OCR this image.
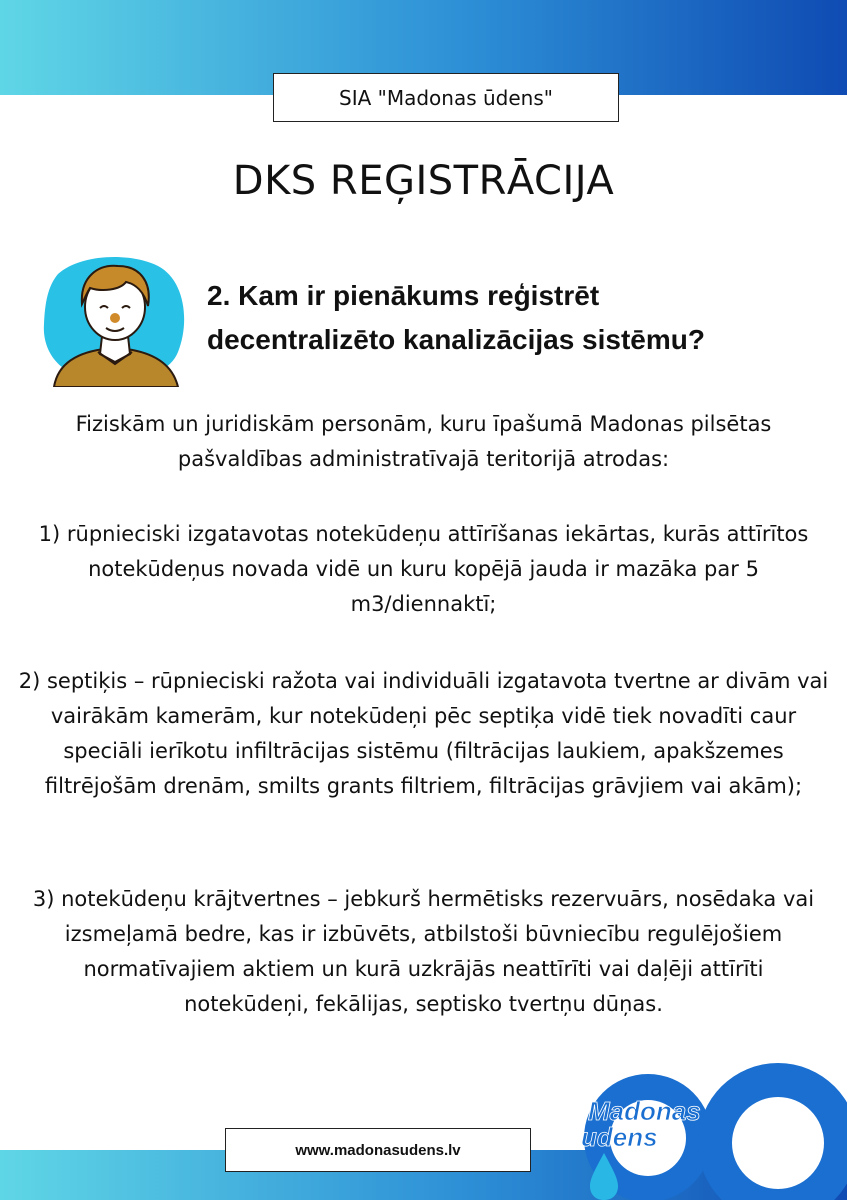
SIA "Madonas ūdens"
DKS REĢISTRĀCIJA
2. Kam ir pienākums reģistrēt
decentralizēto kanalizācijas sistēmu?
Fiziskām un juridiskām personām, kuru īpašumā Madonas pilsētas pašvaldības administratīvajā teritorijā atrodas:
1) rūpnieciski izgatavotas notekūdeņu attīrīšanas iekārtas, kurās attīrītos notekūdeņus novada vidē un kuru kopējā jauda ir mazāka par 5 m3/diennaktī;
2) septiķis – rūpnieciski ražota vai individuāli izgatavota tvertne ar divām vai vairākām kamerām, kur notekūdeņi pēc septiķa vidē tiek novadīti caur speciāli ierīkotu infiltrācijas sistēmu (filtrācijas laukiem, apakšzemes filtrējošām drenām, smilts grants filtriem, filtrācijas grāvjiem vai akām);
3) notekūdeņu krājtvertnes – jebkurš hermētisks rezervuārs, nosēdaka vai izsmeļamā bedre, kas ir izbūvēts, atbilstoši būvniecību regulējošiem normatīvajiem aktiem un kurā uzkrājās neattīrīti vai daļēji attīrīti notekūdeņi, fekālijas, septisko tvertņu dūņas.
Madonas
udens
www.madonasudens.lv
